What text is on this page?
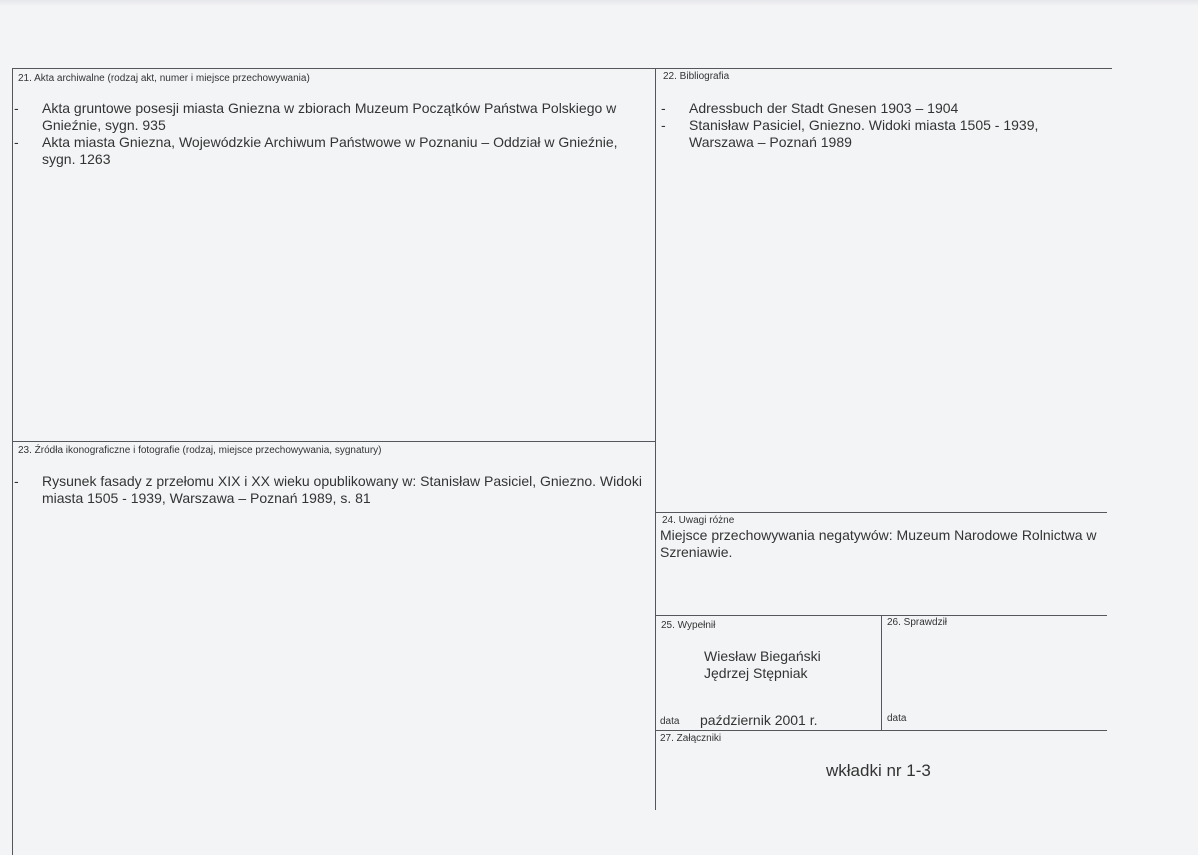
21. Akta archiwalne (rodzaj akt, numer i miejsce przechowywania)
- Akta gruntowe posesji miasta Gniezna w zbiorach Muzeum Początków Państwa Polskiego w Gnieźnie, sygn. 935
- Akta miasta Gniezna, Wojewódzkie Archiwum Państwowe w Poznaniu – Oddział w Gnieźnie, sygn. 1263
22. Bibliografia
- Adressbuch der Stadt Gnesen 1903 – 1904
- Stanisław Pasiciel, Gniezno. Widoki miasta 1505 - 1939, Warszawa – Poznań 1989
23. Źródła ikonograficzne i fotografie (rodzaj, miejsce przechowywania, sygnatury)
- Rysunek fasady z przełomu XIX i XX wieku opublikowany w: Stanisław Pasiciel, Gniezno. Widoki miasta 1505 - 1939, Warszawa – Poznań 1989, s. 81
24. Uwagi różne
Miejsce przechowywania negatywów: Muzeum Narodowe Rolnictwa w Szreniawie.
25. Wypełnił
Wiesław Biegański
Jędrzej Stępniak
data październik 2001 r.
26. Sprawdził
data
27. Załączniki
wkładki nr 1-3
